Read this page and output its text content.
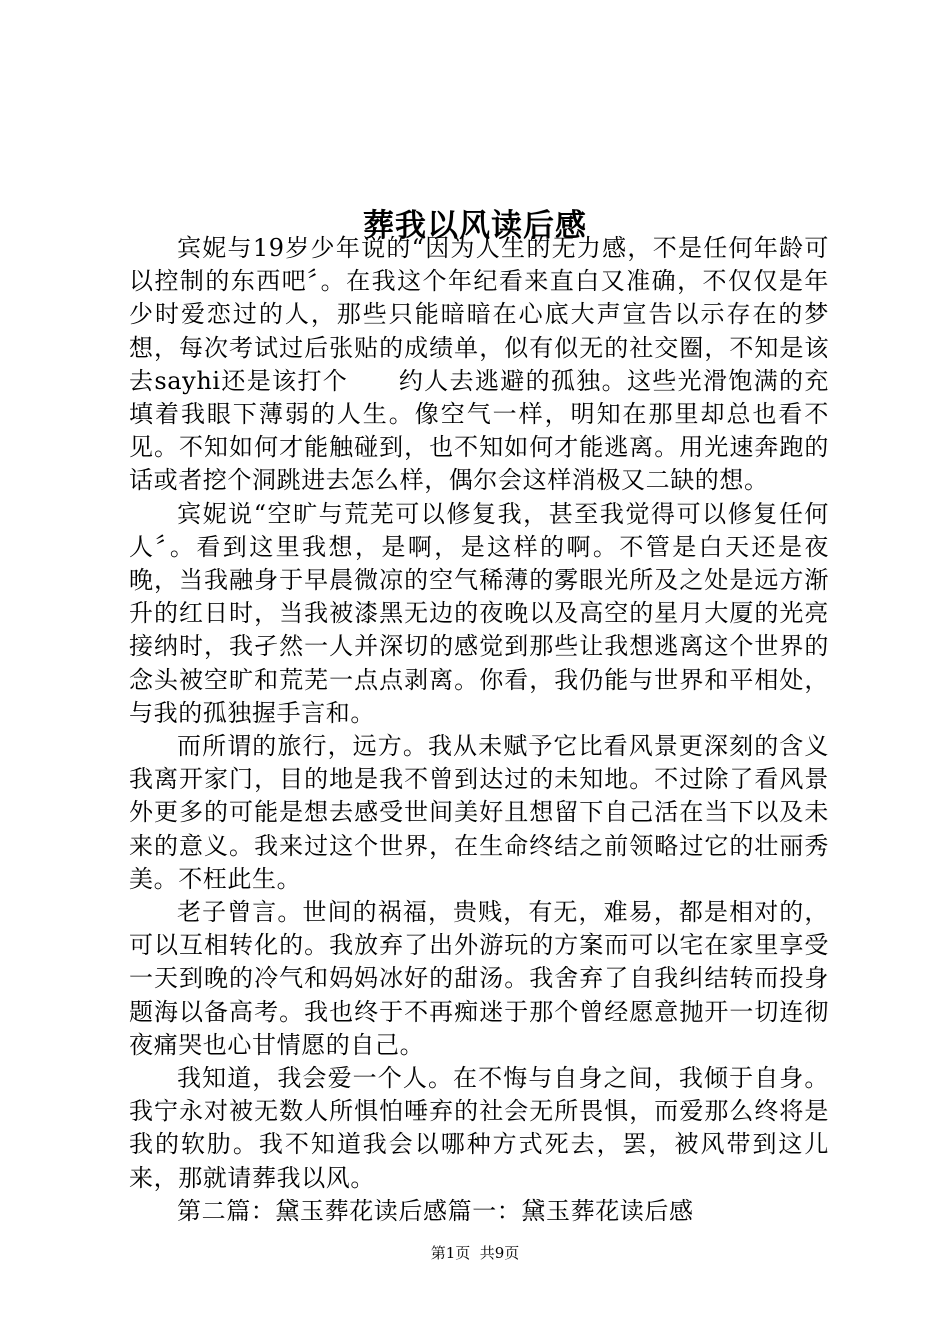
葬我以风读后感

宾妮与19岁少年说的“因为人生的无力感，不是任何年龄可以控制的东西吧〞。在我这个年纪看来直白又准确，不仅仅是年少时爱恋过的人，那些只能暗暗在心底大声宣告以示存在的梦想，每次考试过后张贴的成绩单，似有似无的社交圈，不知是该去sayhi还是该打个　　约人去逃避的孤独。这些光滑饱满的充填着我眼下薄弱的人生。像空气一样，明知在那里却总也看不见。不知如何才能触碰到，也不知如何才能逃离。用光速奔跑的话或者挖个洞跳进去怎么样，偶尔会这样消极又二缺的想。

宾妮说“空旷与荒芜可以修复我，甚至我觉得可以修复任何人〞。看到这里我想，是啊，是这样的啊。不管是白天还是夜晚，当我融身于早晨微凉的空气稀薄的雾眼光所及之处是远方渐升的红日时，当我被漆黑无边的夜晚以及高空的星月大厦的光亮接纳时，我孑然一人并深切的感觉到那些让我想逃离这个世界的念头被空旷和荒芜一点点剥离。你看，我仍能与世界和平相处，与我的孤独握手言和。

而所谓的旅行，远方。我从未赋予它比看风景更深刻的含义我离开家门，目的地是我不曾到达过的未知地。不过除了看风景外更多的可能是想去感受世间美好且想留下自己活在当下以及未来的意义。我来过这个世界，在生命终结之前领略过它的壮丽秀美。不枉此生。

老子曾言。世间的祸福，贵贱，有无，难易，都是相对的，可以互相转化的。我放弃了出外游玩的方案而可以宅在家里享受一天到晚的冷气和妈妈冰好的甜汤。我舍弃了自我纠结转而投身题海以备高考。我也终于不再痴迷于那个曾经愿意抛开一切连彻夜痛哭也心甘情愿的自己。

我知道，我会爱一个人。在不悔与自身之间，我倾于自身。我宁永对被无数人所惧怕唾弃的社会无所畏惧，而爱那么终将是我的软肋。我不知道我会以哪种方式死去，罢，被风带到这儿来，那就请葬我以风。

第二篇：黛玉葬花读后感篇一：黛玉葬花读后感

第1页  共9页
